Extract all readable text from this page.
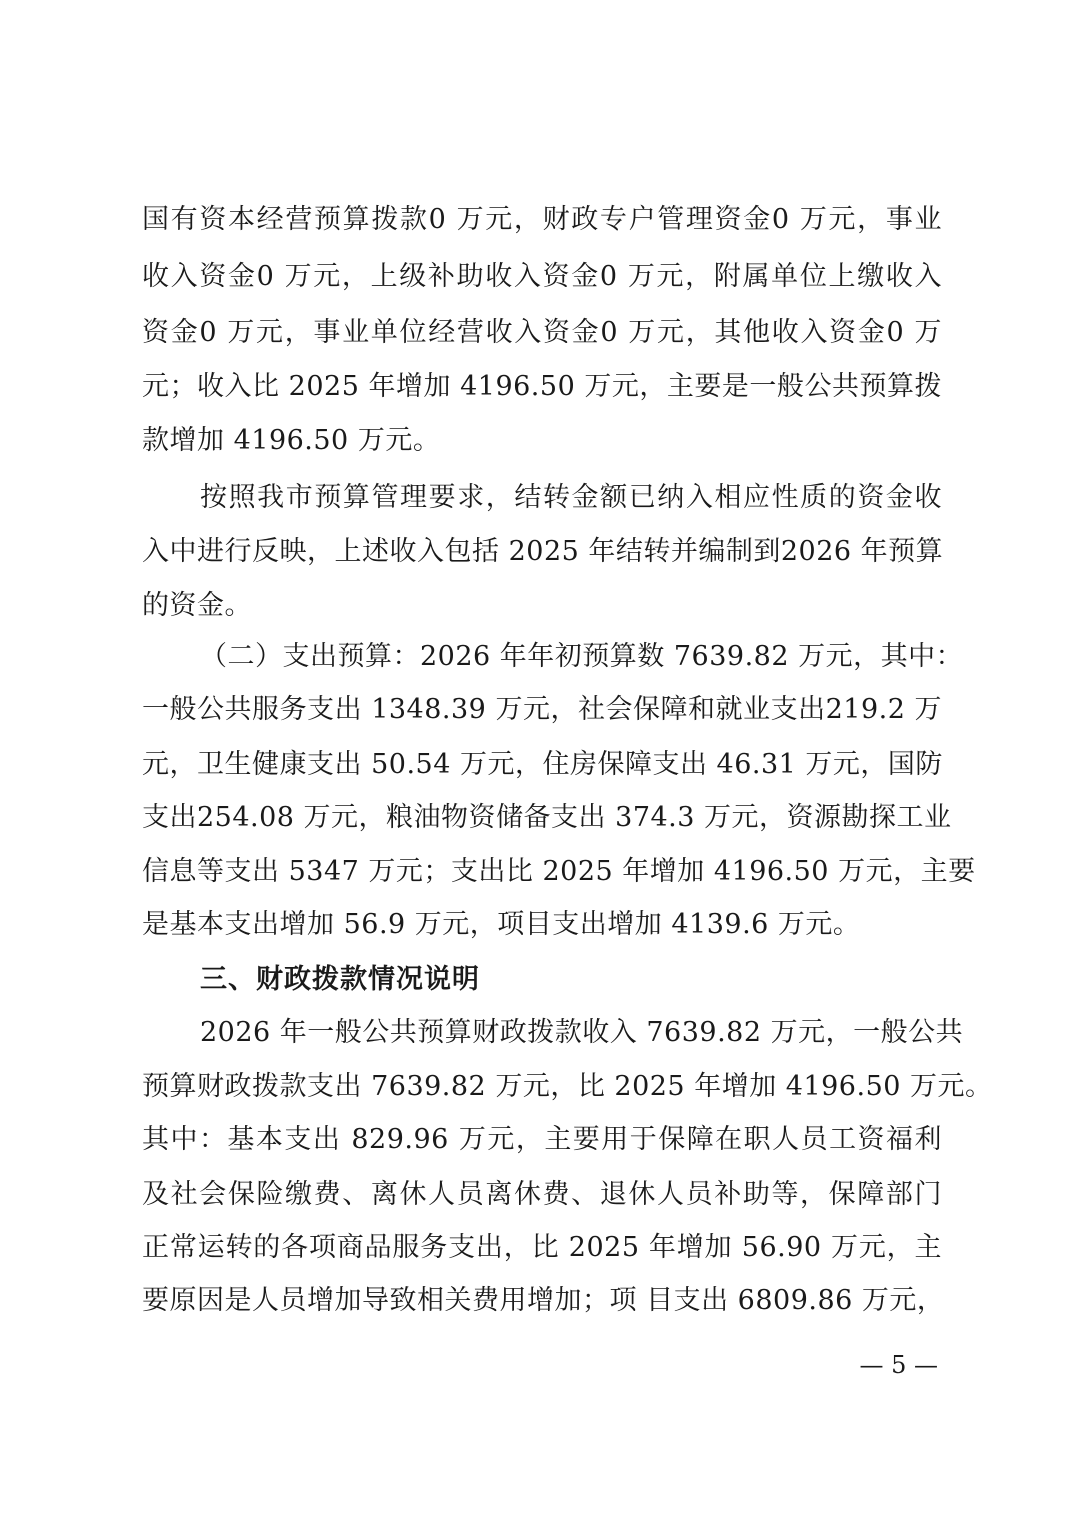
国有资本经营预算拨款0 万元，财政专户管理资金0 万元，事业
收入资金0 万元，上级补助收入资金0 万元，附属单位上缴收入
资金0 万元，事业单位经营收入资金0 万元，其他收入资金0 万
元；收入比 2025 年增加 4196.50 万元，主要是一般公共预算拨
款增加 4196.50 万元。
按照我市预算管理要求，结转金额已纳入相应性质的资金收
入中进行反映，上述收入包括 2025 年结转并编制到2026 年预算
的资金。
（二）支出预算：2026 年年初预算数 7639.82 万元，其中：
一般公共服务支出 1348.39 万元，社会保障和就业支出219.2 万
元，卫生健康支出 50.54 万元，住房保障支出 46.31 万元，国防
支出254.08 万元，粮油物资储备支出 374.3 万元，资源勘探工业
信息等支出 5347 万元；支出比 2025 年增加 4196.50 万元，主要
是基本支出增加 56.9 万元，项目支出增加 4139.6 万元。
三、财政拨款情况说明
2026 年一般公共预算财政拨款收入 7639.82 万元，一般公共
预算财政拨款支出 7639.82 万元，比 2025 年增加 4196.50 万元。
其中：基本支出 829.96 万元，主要用于保障在职人员工资福利
及社会保险缴费、离休人员离休费、退休人员补助等，保障部门
正常运转的各项商品服务支出，比 2025 年增加 56.90 万元，主
要原因是人员增加导致相关费用增加；项 目支出 6809.86 万元，
— 5 —
